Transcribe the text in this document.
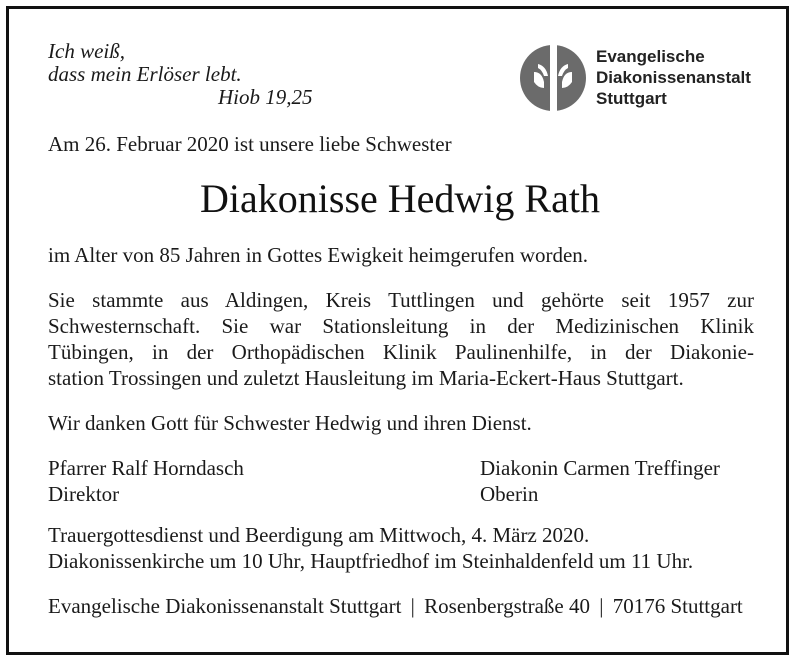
Ich weiß,
dass mein Erlöser lebt.
Hiob 19,25
Evangelische
Diakonissenanstalt
Stuttgart
Am 26. Februar 2020 ist unsere liebe Schwester
Diakonisse Hedwig Rath
im Alter von 85 Jahren in Gottes Ewigkeit heimgerufen worden.
Sie stammte aus Aldingen, Kreis Tuttlingen und gehörte seit 1957 zur
Schwesternschaft. Sie war Stationsleitung in der Medizinischen Klinik
Tübingen, in der Orthopädischen Klinik Paulinenhilfe, in der Diakonie-
station Trossingen und zuletzt Hausleitung im Maria-Eckert-Haus Stuttgart.
Wir danken Gott für Schwester Hedwig und ihren Dienst.
Pfarrer Ralf Horndasch
Direktor
Diakonin Carmen Treffinger
Oberin
Trauergottesdienst und Beerdigung am Mittwoch, 4. März 2020.
Diakonissenkirche um 10 Uhr, Hauptfriedhof im Steinhaldenfeld um 11 Uhr.
Evangelische Diakonissenanstalt Stuttgart | Rosenbergstraße 40 | 70176 Stuttgart
